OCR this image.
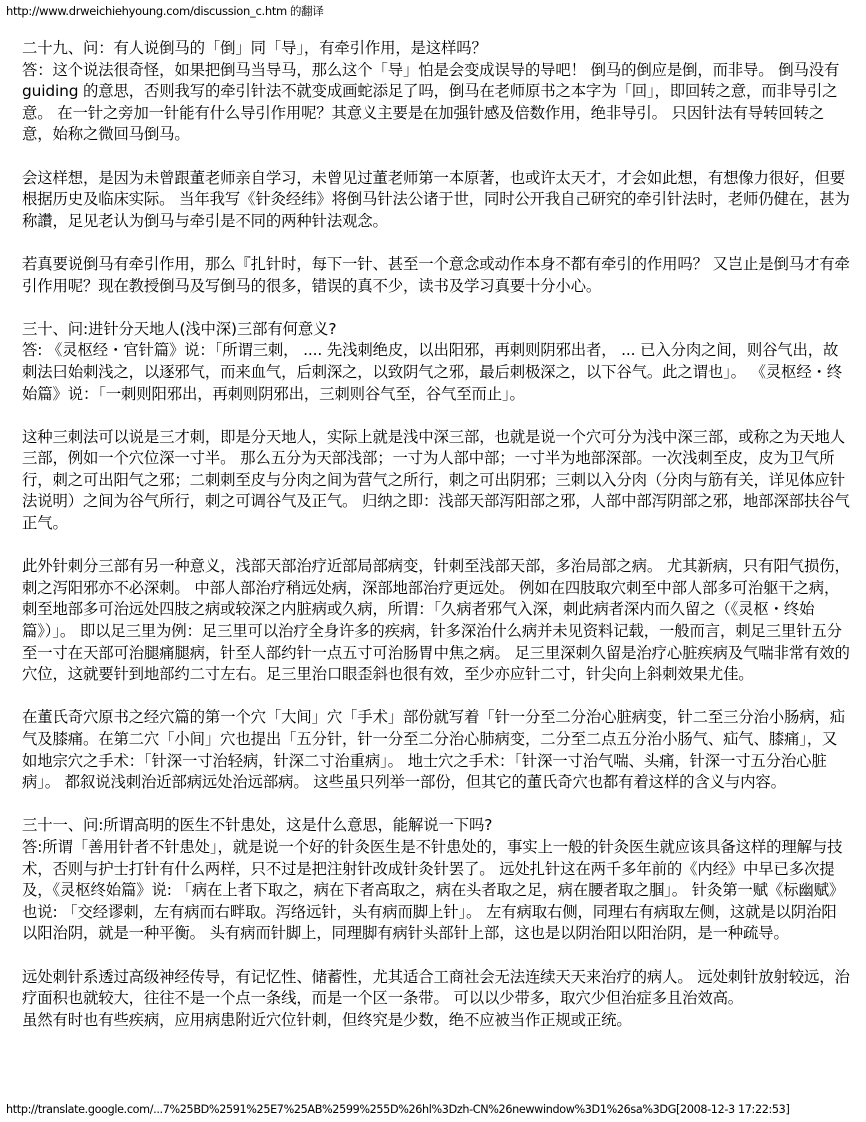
http://www.drweichiehyoung.com/discussion_c.htm 的翻译
二十九、问：有人说倒马的「倒」同「导」，有牵引作用，是这样吗？
答：这个说法很奇怪，如果把倒马当导马，那么这个「导」怕是会变成误导的导吧！ 倒马的倒应是倒，而非导。 倒马没有 guiding 的意思，否则我写的牵引针法不就变成画蛇添足了吗，倒马在老师原书之本字为「回」，即回转之意，而非导引之意。 在一针之旁加一针能有什么导引作用呢？其意义主要是在加强针感及倍数作用，绝非导引。 只因针法有导转回转之意，始称之微回马倒马。
会这样想，是因为未曾跟董老师亲自学习，未曾见过董老师第一本原著，也或许太天才，才会如此想，有想像力很好，但要根据历史及临床实际。 当年我写《针灸经纬》将倒马针法公诸于世，同时公开我自己研究的牵引针法时，老师仍健在，甚为称讚，足见老认为倒马与牵引是不同的两种针法观念。
若真要说倒马有牵引作用，那么『扎针时，每下一针、甚至一个意念或动作本身不都有牵引的作用吗？ 又岂止是倒马才有牵引作用呢？现在教授倒马及写倒马的很多，错误的真不少，读书及学习真要十分小心。
三十、问:进针分天地人(浅中深)三部有何意义?
答: 《灵枢经・官针篇》说：「所谓三刺， .... 先浅刺绝皮，以出阳邪，再刺则阴邪出者， ... 已入分肉之间，则谷气出，故刺法曰始刺浅之，以逐邪气，而来血气，后刺深之，以致阴气之邪，最后刺极深之，以下谷气。此之谓也」。 《灵枢经・终始篇》说：「一刺则阳邪出，再刺则阴邪出，三刺则谷气至，谷气至而止」。
这种三刺法可以说是三才刺，即是分天地人，实际上就是浅中深三部，也就是说一个穴可分为浅中深三部，或称之为天地人三部，例如一个穴位深一寸半。 那么五分为天部浅部；一寸为人部中部；一寸半为地部深部。一次浅刺至皮，皮为卫气所行，刺之可出阳气之邪；二刺刺至皮与分肉之间为营气之所行，刺之可出阴邪；三刺以入分肉（分肉与筋有关，详见体应针法说明）之间为谷气所行，刺之可调谷气及正气。 归纳之即：浅部天部泻阳部之邪，人部中部泻阴部之邪，地部深部扶谷气正气。
此外针刺分三部有另一种意义，浅部天部治疗近部局部病变，针刺至浅部天部，多治局部之病。 尤其新病，只有阳气损伤，刺之泻阳邪亦不必深刺。 中部人部治疗稍远处病，深部地部治疗更远处。 例如在四肢取穴刺至中部人部多可治躯干之病，刺至地部多可治远处四肢之病或较深之内脏病或久病，所谓：「久病者邪气入深，刺此病者深内而久留之（《灵枢・终始篇》）」。 即以足三里为例：足三里可以治疗全身许多的疾病，针多深治什么病并未见资料记载，一般而言，刺足三里针五分至一寸在天部可治腿痛腿病，针至人部约针一点五寸可治肠胃中焦之病。 足三里深刺久留是治疗心脏疾病及气喘非常有效的穴位，这就要针到地部约二寸左右。足三里治口眼歪斜也很有效，至少亦应针二寸，针尖向上斜刺效果尤佳。
在董氏奇穴原书之经穴篇的第一个穴「大间」穴「手术」部份就写着「针一分至二分治心脏病变，针二至三分治小肠病，疝气及膝痛。在第二穴「小间」穴也提出「五分针，针一分至二分治心肺病变，二分至二点五分治小肠气、疝气、膝痛」，又如地宗穴之手术：「针深一寸治轻病，针深二寸治重病」。 地士穴之手术：「针深一寸治气喘、头痛，针深一寸五分治心脏病」。 都叙说浅刺治近部病远处治远部病。 这些虽只列举一部份，但其它的董氏奇穴也都有着这样的含义与内容。
三十一、问:所谓高明的医生不针患处，这是什么意思，能解说一下吗?
答:所谓「善用针者不针患处」，就是说一个好的针灸医生是不针患处的，事实上一般的针灸医生就应该具备这样的理解与技术，否则与护士打针有什么两样，只不过是把注射针改成针灸针罢了。 远处扎针这在两千多年前的《内经》中早已多次提及，《灵枢终始篇》说: 「病在上者下取之，病在下者高取之，病在头者取之足，病在腰者取之腘」。 针灸第一赋《标幽赋》也说: 「交经谬刺，左有病而右畔取。泻络远针，头有病而脚上针」。 左有病取右侧，同理右有病取左侧，这就是以阴治阳以阳治阴，就是一种平衡。 头有病而针脚上，同理脚有病针头部针上部，这也是以阴治阳以阳治阴，是一种疏导。
远处刺针系透过高级神经传导，有记忆性、储蓄性，尤其适合工商社会无法连续天天来治疗的病人。 远处刺针放射较远，治疗面积也就较大，往往不是一个点一条线，而是一个区一条带。 可以以少带多，取穴少但治症多且治效高。
虽然有时也有些疾病，应用病患附近穴位针刺，但终究是少数，绝不应被当作正规或正统。
http://translate.google.com/...7%25BD%2591%25E7%25AB%2599%255D%26hl%3Dzh-CN%26newwindow%3D1%26sa%3DG[2008-12-3 17:22:53]
